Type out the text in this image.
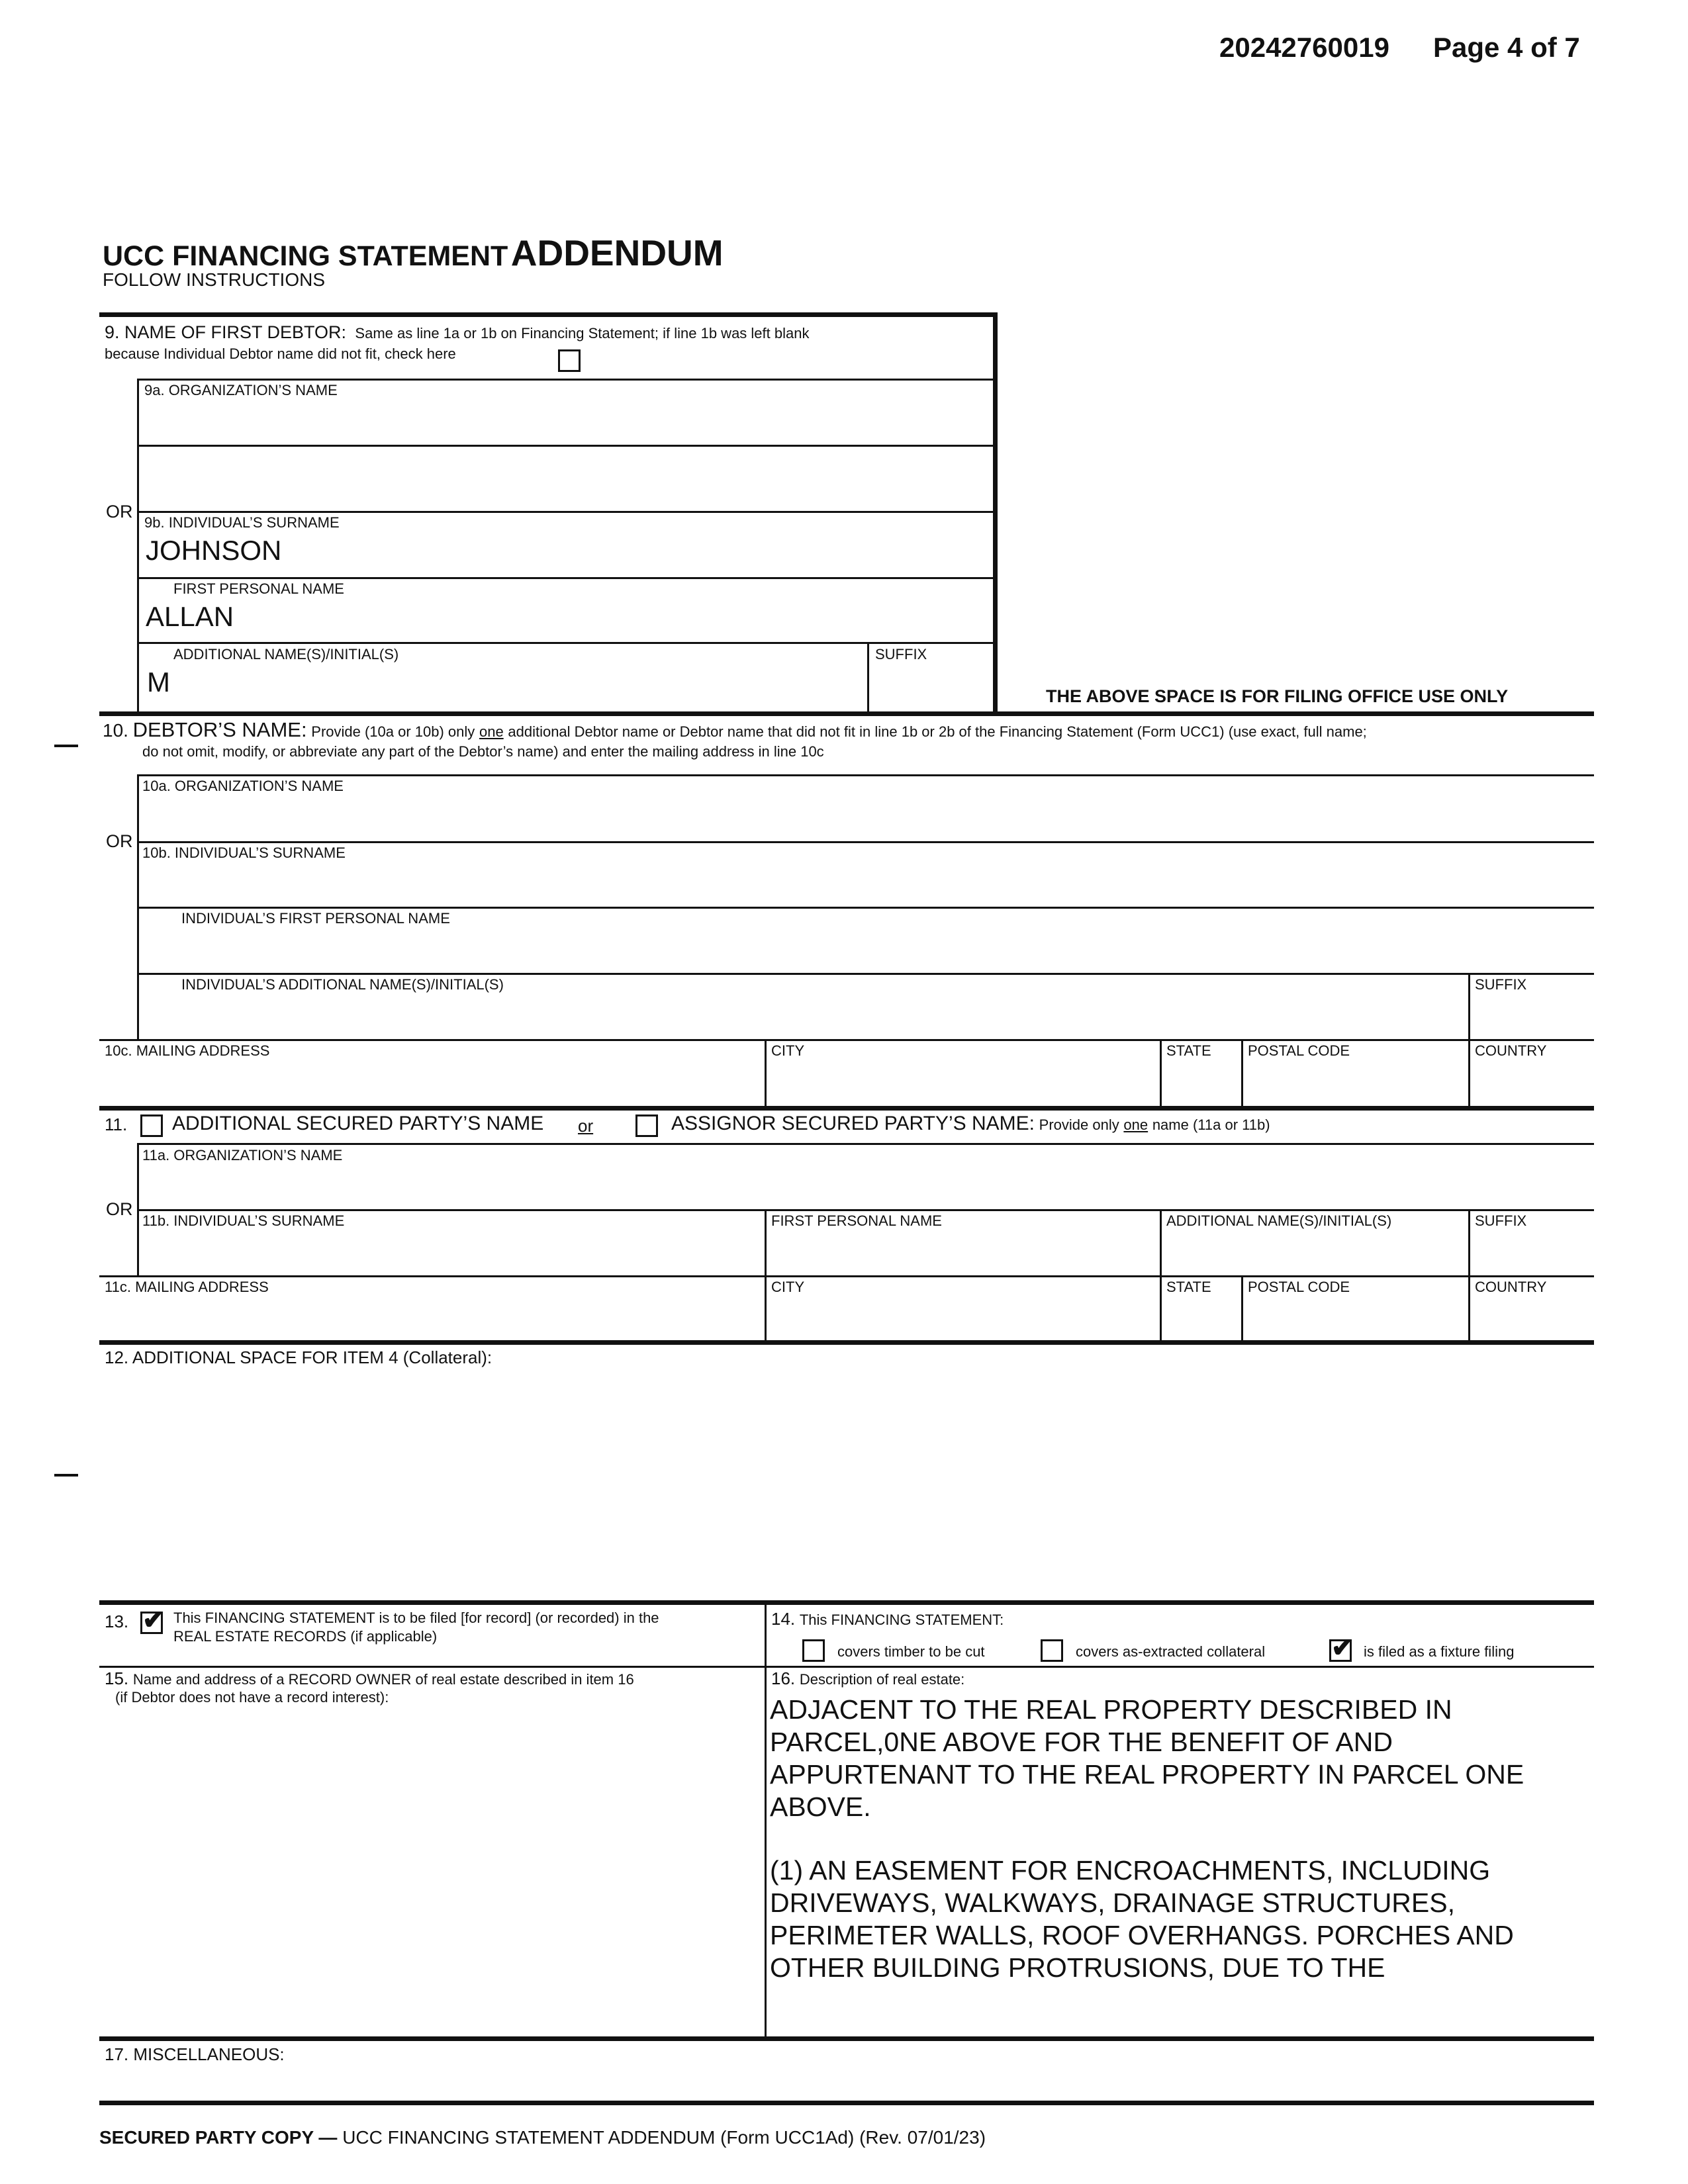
20242760019 Page 4 of 7
UCC FINANCING STATEMENT ADDENDUM
FOLLOW INSTRUCTIONS
9. NAME OF FIRST DEBTOR: Same as line 1a or 1b on Financing Statement; if line 1b was left blank
because Individual Debtor name did not fit, check here
9a. ORGANIZATION’S NAME
OR
9b. INDIVIDUAL’S SURNAME
JOHNSON
FIRST PERSONAL NAME
ALLAN
ADDITIONAL NAME(S)/INITIAL(S)
M
SUFFIX
THE ABOVE SPACE IS FOR FILING OFFICE USE ONLY
10. DEBTOR’S NAME: Provide (10a or 10b) only one additional Debtor name or Debtor name that did not fit in line 1b or 2b of the Financing Statement (Form UCC1) (use exact, full name;
do not omit, modify, or abbreviate any part of the Debtor’s name) and enter the mailing address in line 10c
10a. ORGANIZATION’S NAME
OR
10b. INDIVIDUAL’S SURNAME
INDIVIDUAL’S FIRST PERSONAL NAME
INDIVIDUAL’S ADDITIONAL NAME(S)/INITIAL(S)	SUFFIX
10c. MAILING ADDRESS	CITY	STATE	POSTAL CODE	COUNTRY
11. ADDITIONAL SECURED PARTY’S NAME or	ASSIGNOR SECURED PARTY’S NAME: Provide only one name (11a or 11b)
11a. ORGANIZATION’S NAME
OR
11b. INDIVIDUAL’S SURNAME	FIRST PERSONAL NAME	ADDITIONAL NAME(S)/INITIAL(S)	SUFFIX
11c. MAILING ADDRESS	CITY	STATE	POSTAL CODE	COUNTRY
12. ADDITIONAL SPACE FOR ITEM 4 (Collateral):
13. ✔ This FINANCING STATEMENT is to be filed [for record] (or recorded) in the
REAL ESTATE RECORDS (if applicable)
14. This FINANCING STATEMENT:
covers timber to be cut	covers as-extracted collateral ✔ is filed as a fixture filing
15. Name and address of a RECORD OWNER of real estate described in item 16
(if Debtor does not have a record interest):
16. Description of real estate:
ADJACENT TO THE REAL PROPERTY DESCRIBED IN
PARCEL,0NE ABOVE FOR THE BENEFIT OF AND
APPURTENANT TO THE REAL PROPERTY IN PARCEL ONE
ABOVE.
(1) AN EASEMENT FOR ENCROACHMENTS, INCLUDING
DRIVEWAYS, WALKWAYS, DRAINAGE STRUCTURES,
PERIMETER WALLS, ROOF OVERHANGS. PORCHES AND
OTHER BUILDING PROTRUSIONS, DUE TO THE
17. MISCELLANEOUS:
SECURED PARTY COPY — UCC FINANCING STATEMENT ADDENDUM (Form UCC1Ad) (Rev. 07/01/23)
